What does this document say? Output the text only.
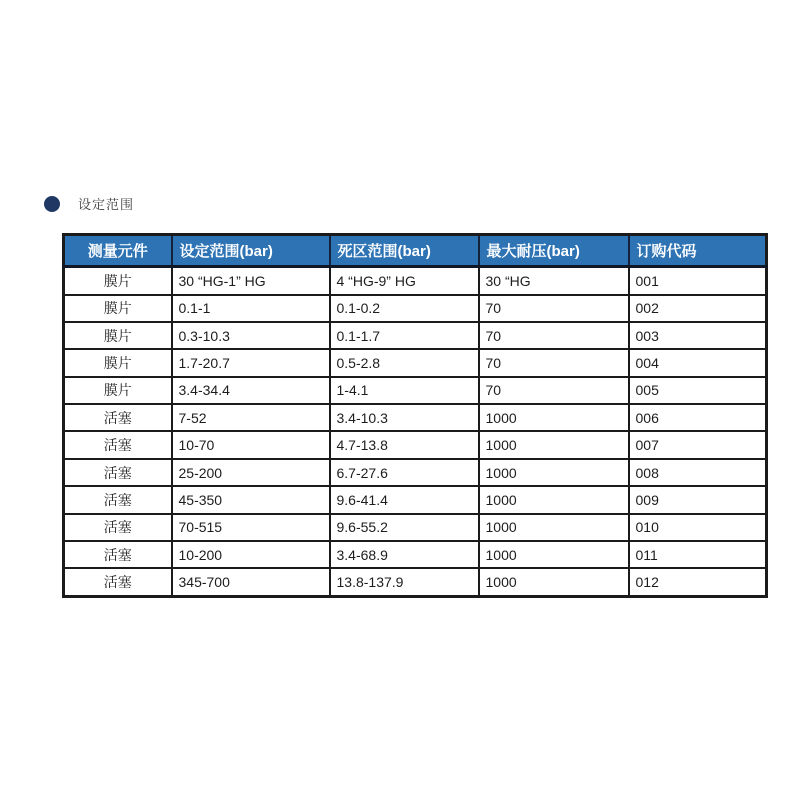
设定范围
测量元件	设定范围(bar)	死区范围(bar)	最大耐压(bar)	订购代码
膜片	30 “HG-1” HG	4 “HG-9” HG	30 “HG	001
膜片	0.1-1	0.1-0.2	70	002
膜片	0.3-10.3	0.1-1.7	70	003
膜片	1.7-20.7	0.5-2.8	70	004
膜片	3.4-34.4	1-4.1	70	005
活塞	7-52	3.4-10.3	1000	006
活塞	10-70	4.7-13.8	1000	007
活塞	25-200	6.7-27.6	1000	008
活塞	45-350	9.6-41.4	1000	009
活塞	70-515	9.6-55.2	1000	010
活塞	10-200	3.4-68.9	1000	011
活塞	345-700	13.8-137.9	1000	012
